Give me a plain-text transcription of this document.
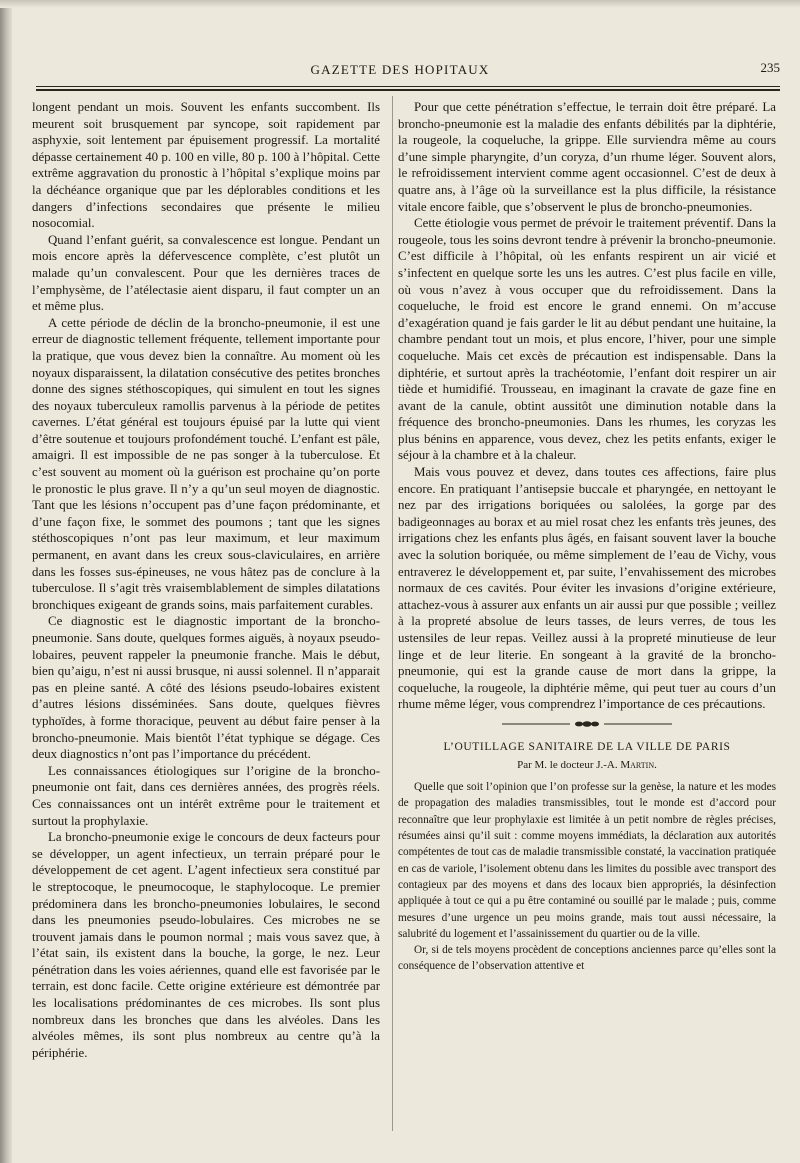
GAZETTE DES HOPITAUX	235

longent pendant un mois. Souvent les enfants succombent. Ils meurent soit brusquement par syncope, soit rapidement par asphyxie, soit lentement par épuisement progressif. La mortalité dépasse certainement 40 p. 100 en ville, 80 p. 100 à l’hôpital. Cette extrême aggravation du pronostic à l’hôpital s’explique moins par la déchéance organique que par les déplorables conditions et les dangers d’infections secondaires que présente le milieu nosocomial.

Quand l’enfant guérit, sa convalescence est longue. Pendant un mois encore après la défervescence complète, c’est plutôt un malade qu’un convalescent. Pour que les dernières traces de l’emphysème, de l’atélectasie aient disparu, il faut compter un an et même plus.

A cette période de déclin de la broncho-pneumonie, il est une erreur de diagnostic tellement fréquente, tellement importante pour la pratique, que vous devez bien la connaître. Au moment où les noyaux disparaissent, la dilatation consécutive des petites bronches donne des signes stéthoscopiques, qui simulent en tout les signes des noyaux tuberculeux ramollis parvenus à la période de petites cavernes. L’état général est toujours épuisé par la lutte qui vient d’être soutenue et toujours profondément touché. L’enfant est pâle, amaigri. Il est impossible de ne pas songer à la tuberculose. Et c’est souvent au moment où la guérison est prochaine qu’on porte le pronostic le plus grave. Il n’y a qu’un seul moyen de diagnostic. Tant que les lésions n’occupent pas d’une façon prédominante, et d’une façon fixe, le sommet des poumons ; tant que les signes stéthoscopiques n’ont pas leur maximum, et leur maximum permanent, en avant dans les creux sous-claviculaires, en arrière dans les fosses sus-épineuses, ne vous hâtez pas de conclure à la tuberculose. Il s’agit très vraisemblablement de simples dilatations bronchiques exigeant de grands soins, mais parfaitement curables.

Ce diagnostic est le diagnostic important de la broncho-pneumonie. Sans doute, quelques formes aiguës, à noyaux pseudo-lobaires, peuvent rappeler la pneumonie franche. Mais le début, bien qu’aigu, n’est ni aussi brusque, ni aussi solennel. Il n’apparait pas en pleine santé. A côté des lésions pseudo-lobaires existent d’autres lésions disséminées. Sans doute, quelques fièvres typhoïdes, à forme thoracique, peuvent au début faire penser à la broncho-pneumonie. Mais bientôt l’état typhique se dégage. Ces deux diagnostics n’ont pas l’importance du précédent.

Les connaissances étiologiques sur l’origine de la broncho-pneumonie ont fait, dans ces dernières années, des progrès réels. Ces connaissances ont un intérêt extrême pour le traitement et surtout la prophylaxie.

La broncho-pneumonie exige le concours de deux facteurs pour se développer, un agent infectieux, un terrain préparé pour le développement de cet agent. L’agent infectieux sera constitué par le streptocoque, le pneumocoque, le staphylocoque. Le premier prédominera dans les broncho-pneumonies lobulaires, le second dans les pneumonies pseudo-lobulaires. Ces microbes ne se trouvent jamais dans le poumon normal ; mais vous savez que, à l’état sain, ils existent dans la bouche, la gorge, le nez. Leur pénétration dans les voies aériennes, quand elle est favorisée par le terrain, est donc facile. Cette origine extérieure est démontrée par les localisations prédominantes de ces microbes. Ils sont plus nombreux dans les bronches que dans les alvéoles. Dans les alvéoles mêmes, ils sont plus nombreux au centre qu’à la périphérie.

Pour que cette pénétration s’effectue, le terrain doit être préparé. La broncho-pneumonie est la maladie des enfants débilités par la diphtérie, la rougeole, la coqueluche, la grippe. Elle surviendra même au cours d’une simple pharyngite, d’un coryza, d’un rhume léger. Souvent alors, le refroidissement intervient comme agent occasionnel. C’est de deux à quatre ans, à l’âge où la surveillance est la plus difficile, la résistance vitale encore faible, que s’observent le plus de broncho-pneumonies.

Cette étiologie vous permet de prévoir le traitement préventif. Dans la rougeole, tous les soins devront tendre à prévenir la broncho-pneumonie. C’est difficile à l’hôpital, où les enfants respirent un air vicié et s’infectent en quelque sorte les uns les autres. C’est plus facile en ville, où vous n’avez à vous occuper que du refroidissement. Dans la coqueluche, le froid est encore le grand ennemi. On m’accuse d’exagération quand je fais garder le lit au début pendant une huitaine, la chambre pendant tout un mois, et plus encore, l’hiver, pour une simple coqueluche. Mais cet excès de précaution est indispensable. Dans la diphtérie, et surtout après la trachéotomie, l’enfant doit respirer un air tiède et humidifié. Trousseau, en imaginant la cravate de gaze fine en avant de la canule, obtint aussitôt une diminution notable dans la fréquence des broncho-pneumonies. Dans les rhumes, les coryzas les plus bénins en apparence, vous devez, chez les petits enfants, exiger le séjour à la chambre et à la chaleur.

Mais vous pouvez et devez, dans toutes ces affections, faire plus encore. En pratiquant l’antisepsie buccale et pharyngée, en nettoyant le nez par des irrigations boriquées ou salolées, la gorge par des badigeonnages au borax et au miel rosat chez les enfants très jeunes, des irrigations chez les enfants plus âgés, en faisant souvent laver la bouche avec la solution boriquée, ou même simplement de l’eau de Vichy, vous entraverez le développement et, par suite, l’envahissement des microbes normaux de ces cavités. Pour éviter les invasions d’origine extérieure, attachez-vous à assurer aux enfants un air aussi pur que possible ; veillez à la propreté absolue de leurs tasses, de leurs verres, de tous les ustensiles de leur repas. Veillez aussi à la propreté minutieuse de leur linge et de leur literie. En songeant à la gravité de la broncho-pneumonie, qui est la grande cause de mort dans la grippe, la coqueluche, la rougeole, la diphtérie même, qui peut tuer au cours d’un rhume même léger, vous comprendrez l’importance de ces précautions.

L’OUTILLAGE SANITAIRE DE LA VILLE DE PARIS
Par M. le docteur J.-A. Martin.

Quelle que soit l’opinion que l’on professe sur la genèse, la nature et les modes de propagation des maladies transmissibles, tout le monde est d’accord pour reconnaître que leur prophylaxie est limitée à un petit nombre de règles précises, résumées ainsi qu’il suit : comme moyens immédiats, la déclaration aux autorités compétentes de tout cas de maladie transmissible constaté, la vaccination pratiquée en cas de variole, l’isolement obtenu dans les limites du possible avec transport des contagieux par des moyens et dans des locaux bien appropriés, la désinfection appliquée à tout ce qui a pu être contaminé ou souillé par le malade ; puis, comme mesures d’une urgence un peu moins grande, mais tout aussi nécessaire, la salubrité du logement et l’assainissement du quartier ou de la ville.

Or, si de tels moyens procèdent de conceptions anciennes parce qu’elles sont la conséquence de l’observation attentive et
